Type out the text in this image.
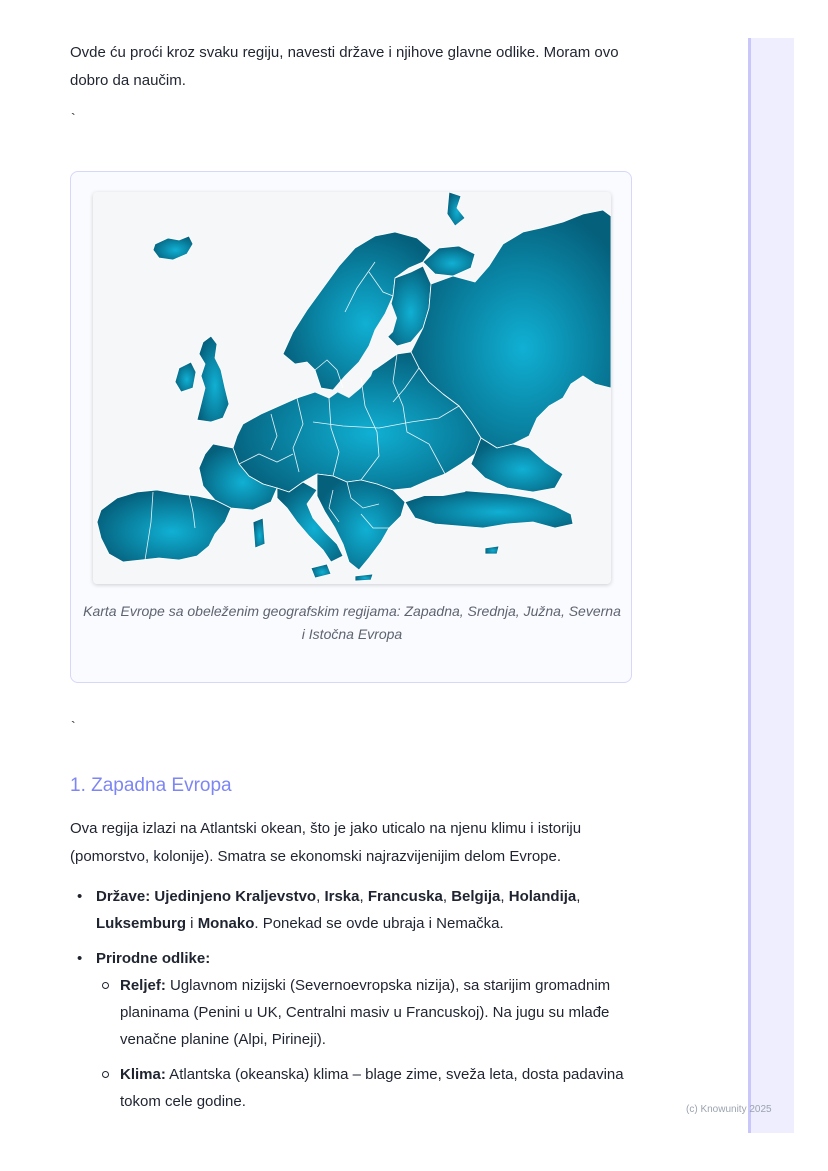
(c) Knowunity 2025

Ovde ću proći kroz svaku regiju, navesti države i njihove glavne odlike. Moram ovo dobro da naučim.

`
Karta Evrope sa obeleženim geografskim regijama: Zapadna, Srednja, Južna, Severna i Istočna Evropa
`
1. Zapadna Evropa

Ova regija izlazi na Atlantski okean, što je jako uticalo na njenu klimu i istoriju (pomorstvo, kolonije). Smatra se ekonomski najrazvijenijim delom Evrope.

• Države: Ujedinjeno Kraljevstvo, Irska, Francuska, Belgija, Holandija, Luksemburg i Monako. Ponekad se ovde ubraja i Nemačka.
• Prirodne odlike:
Reljef: Uglavnom nizijski (Severnoevropska nizija), sa starijim gromadnim planinama (Penini u UK, Centralni masiv u Francuskoj). Na jugu su mlađe venačne planine (Alpi, Pirineji).
Klima: Atlantska (okeanska) klima – blage zime, sveža leta, dosta padavina tokom cele godine.
